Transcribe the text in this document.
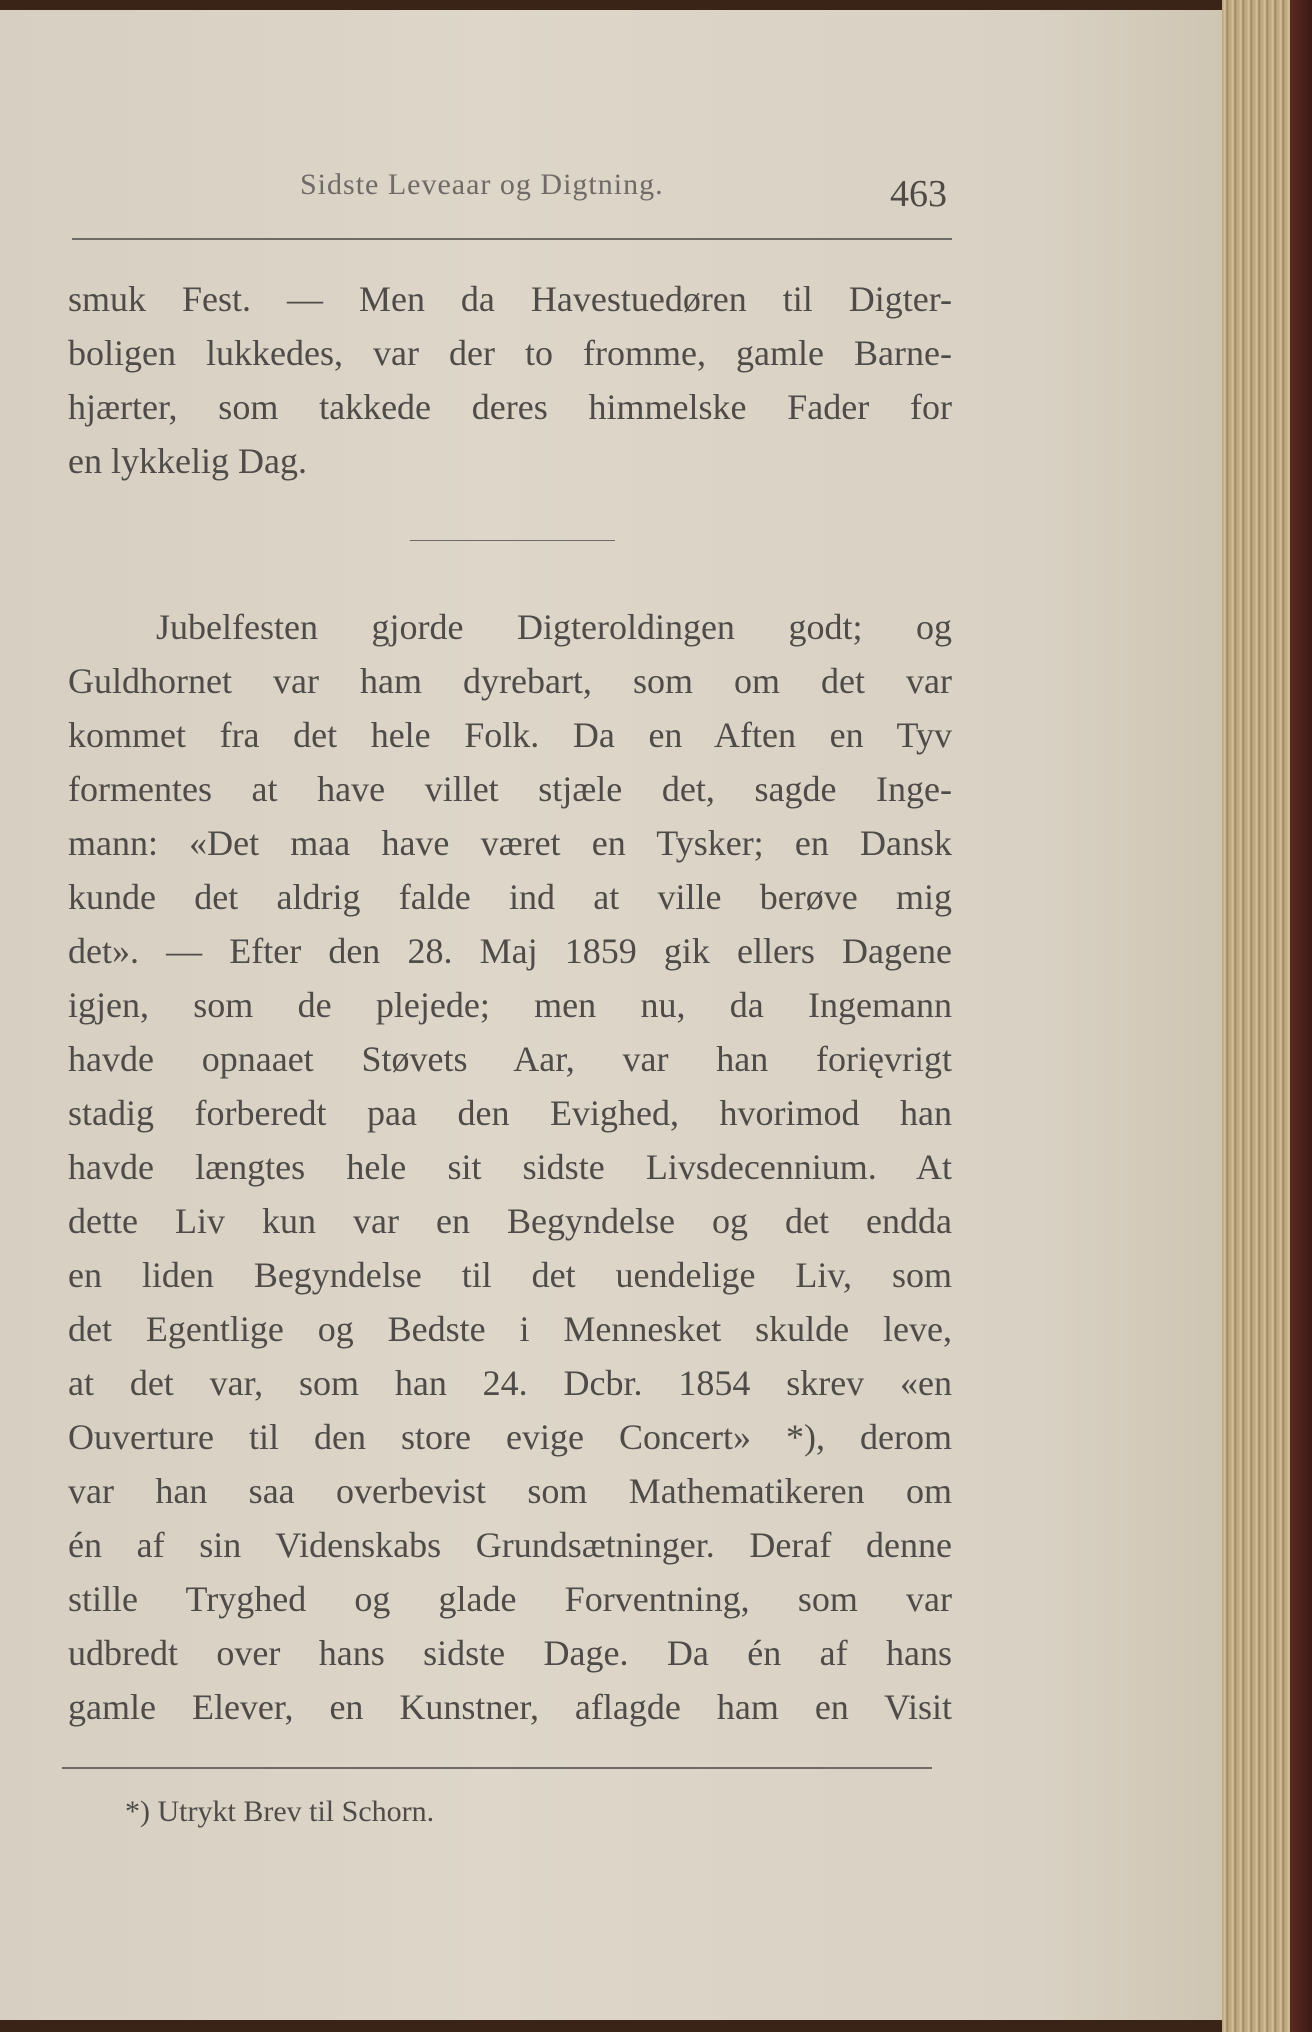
Sidste Leveaar og Digtning.	463
smuk Fest. — Men da Havestuedøren til Digter-
boligen lukkedes, var der to fromme, gamle Barne-
hjærter, som takkede deres himmelske Fader for
en lykkelig Dag.
Jubelfesten gjorde Digteroldingen godt; og
Guldhornet var ham dyrebart, som om det var
kommet fra det hele Folk. Da en Aften en Tyv
formentes at have villet stjæle det, sagde Inge-
mann: «Det maa have været en Tysker; en Dansk
kunde det aldrig falde ind at ville berøve mig
det». — Efter den 28. Maj 1859 gik ellers Dagene
igjen, som de plejede; men nu, da Ingemann
havde opnaaet Støvets Aar, var han forięvrigt
stadig forberedt paa den Evighed, hvorimod han
havde længtes hele sit sidste Livsdecennium. At
dette Liv kun var en Begyndelse og det endda
en liden Begyndelse til det uendelige Liv, som
det Egentlige og Bedste i Mennesket skulde leve,
at det var, som han 24. Dcbr. 1854 skrev «en
Ouverture til den store evige Concert» *), derom
var han saa overbevist som Mathematikeren om
én af sin Videnskabs Grundsætninger. Deraf denne
stille Tryghed og glade Forventning, som var
udbredt over hans sidste Dage. Da én af hans
gamle Elever, en Kunstner, aflagde ham en Visit
*) Utrykt Brev til Schorn.
